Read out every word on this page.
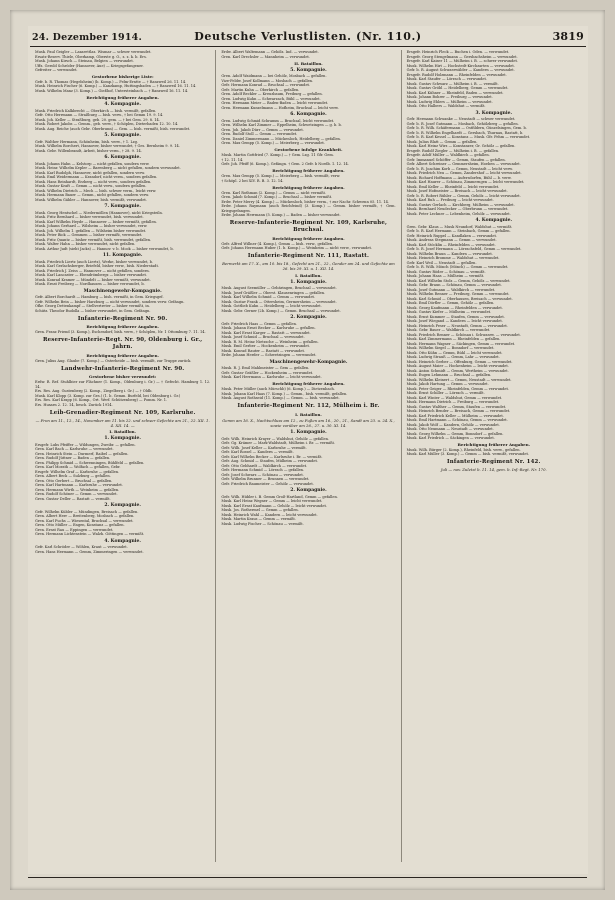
24. Dezember 1914.	Deutsche Verlustlisten. (Nr. 110.)	3819

Musk. Paul Geigler — Lazarettlaz. Wismar — schwer verwundet.

Ersatz-Reserv. Thiele, Oberkamp, Oberste g. O., z. z. k. b. Ers.

Musk. Johann Kirsch — Steinau, Belgien — verwundet.

Uffz. Gerold Schröder (Hannover, Aue) — Kriegsgefangener.

Gefreiter — verwundet.

Gestorbene bisherige Liste:

Gefr. b. R. Thomas (Hegelsheim) (b. Komp.) — Felm-Erntte — † Ranzweil 26. 11. 14.

Musk. Heinrich Fischer (6. Komp.) — Kanzkamp, Huttingsbaden — † Ranzweil 16. 11. 14.

Musk. Wilhelm Manz (3. Komp.) — Gießhof, Untersteinbach — † Ranzweil 16. 11. 14.

Berichtigung früherer Angaben.

4. Kompagnie.

Musk. Friedrich Kalkbrecht — Oberkirch — bish. vermißt, gefallen.

Gefr. Otto Herrmann — Straßburg — bish. verw., † bei Gemm 19. 9. 14.

Musk. Joh. Keller — Straßburg, geb. 20. gem. — † bei Gem. 29. 8. 14.

Musk. Robert Jakobs — Gemm., geb. verw., † Schöplen, Dieterbaden 12. 10. 14.

Musk. Aug. Reiche (auch Gebr. Oberbrunn) — Gem. — bish. vermißt, bish. verwundet.

5. Kompagnie.

Gefr. Walther Hermann, Schönheim, bish. verw., † 1. Lzg.

Musk. Wilhelm Borchert, Hannover, bisher verwundet, † Ges. Bernheim 9. 9. 14.

Musk. Gebr. Willenbrandt, Arbeit, bisher verm., † 28. 9. 14.

6. Kompagnie.

Musk. Johann Hahn — Kelstorp — nicht gefallen, sondern verw.

Musk. Heinr. Wilhelm Kepler — Barenberg — nicht gefallen, sondern verwundet.

Musk. Karl Rudolph, Hannover, nicht gefallen, sondern verw.

Musk. Emil Weidermann — Krandorf, nicht verm., sondern gefallen.

Musk. Hans Reinhardt, Erzberg — nicht verw., sondern gefallen.

Musk. Gustav Kraft — Gemm — nicht verw., sondern gefallen.

Musk. Wilhelm Dietrich — Mech — bish. schwer verm., leicht verw.

Musk. Hermann Bauer — Gemm., nicht gefallen, sondern verw.

Musk. Wilhelm Gähler — Hannover, bish. vermißt, verwundet.

7. Kompagnie.

Musk. Georg Hentschel — Niedermöllen (Hannover), nicht Kriegsteiln.

Musk. Fritz Bernhard — bisher verwundet, bish. verwundet.

Musk. Karl Wilhelm Heyde — Hannover — bisher vermißt, gefallen.

Musk. Johann Gerhard — Wilsheim — bisher verwundet, verw.

Musk. Joh. Wilhelm 1. gefallen — Wilsheim bisher verwundet.

Musk. Peter Bick — Gemmen — bisher vermißt, verwundet.

Musk. Fritz Quantz — bisher vermißt, bish. verwundet, gefallen.

Musk. Walter Hahn — bisher verwundet, nicht gefallen.

Musk. Arthur Judt (sieht Jacks) — Hannov. v. b. Mock — bisher verwundet, b.

11. Kompagnie.

Musk. Friedrich Liertz (auch Liertz), Werke, bisher verwundet, b.

Musk. Karl Gerlachsberger, Briefeld, bisher verw., bish. Niederstadt.

Musk. Friedrich J. Zeiss — Hannover — nicht gefallen, sondern.

Musk. Karl Lancaster — Ebendrömbergz — bisher verwundet.

Musk. Konrad Kramer — Mündelt — bisher vermißt, verwundet.

Musk. Ernst Freiberg — Nordhausen — bisher verwundet, b.

Maschinengewehr-Kompagnie.

Gefr. Albert Borchardt — Hamburg — bish. vermißt, in Gem. Kriegsgef.

Gefr. Wilhelm Bein — bisher Harzburg — nicht verwundet, sondern verw. Gefängn.

Ofkr. Georg Dettenkampf — Stellvertreter — bisher vermißt, in.

Schütz. Theodor Rudolla — bisher verwundet, in Gem. Gefängn.

Infanterie-Regiment Nr. 90.

Berichtigung früherer Angaben.

Gren. Franz Friend (3. Komp.), Eschendorf, bish. verw., † Schöplen, Nr. 1 Ottomburg 7. 11. 14.

Reserve-Infanterie-Regt. Nr. 90, Oldenburg i. Gr., Jahrn.

Berichtigung früherer Angaben.

Gren. Julius Aug. Glaube (7. Komp.) — Osterheide — bish. vermißt, zur Truppe zurück.

Landwehr-Infanterie-Regiment Nr. 90.

Gestorbene bisher verwundet:

Erdw. R. Ref. Stuhlbier zur Flächner (1. Komp., Oldenburg i. Gr.) — † Gefecht. Hamburg 1. 12. 14.

Ers. Res. Aug. Gustenberg (2. Komp., Ziegelberg i. Gr.) — † Oldb.

Musk. Karl Klopp (3. Komp. zur Ges.) (1. b. Gemm. Burfeld, bei Oldenburg i. Gr.)

Ers. Res. Karl Krapp (6. Komp., Ort. Werf. Schützenberg) — Pomm. Nr. 1.

Ers. Husarn 2. 12. 14, besch. Zurück 1914.

Leib-Grenadier-Regiment Nr. 109, Karlsruhe.

— Fron am 11., 12., 14., November am 11. bis 22. und schwer Gefechte am 21., 22. XII. 1. 4. XII. 14. —

I. Bataillon.

1. Kompagnie.

Ersgefr. Lubs Pfeiffer — Wildungen, Zweibr. — gefallen.

Gren. Karl Bach — Karlsruhe — verwundet.

Gren. Heinrich Stein — Durmerf, Raibel — gefallen.

Gren. Rudolf Jüttner — Baden — gefallen.

Gren. Philipp Schmid — Schwenningen, Bühlfeld — gefallen.

Gren. Karl Morath — Wolfach — gefallen, Gebr.

Ersgefr. Wilhelm Graf — Karlsruhe — gefallen.

Gren. Albert Beck — Sulzburg — gefallen.

Gren. Otto Gerbert — Bruchsal — gefallen.

Gren. Karl Hartmann — Karlsruhe — verwundet.

Gren. Hermann Wirth — Weinheim — gefallen.

Gren. Rudolf Schöner — Gemm — verwundet.

Gren. Gustav Deller — Rastatt — vermißt.

2. Kompagnie.

Gefr. Wilhelm Kübler — Mündingen, Breisach — gefallen.

Gren. Albert Herr — Breitenberg, Mosbach — gefallen.

Gren. Karl Fuchs — Wiesental, Bruchsal — verwundet.

Gren. Otto Müller — Engen, Konstanz — gefallen.

Gren. Ernst Rau — Eppingen — verwundet.

Gren. Hermann Lichtenstein — Walzh. Göttingen — vermißt.

4. Kompagnie.

Gefr. Karl Schröder — Wöhlen, Kraut — verwundet.

Gren. Hans Hermann — Gemm, Zimmeringen — verwundet.

Erdw. Albert Waltemann — Gehölz. Ind. — verwundet.

Gren. Karl Drechsler — Mannheim — verwundet.

II. Bataillon.

5. Kompagnie.

Gren. Adolf Waidmann — bei Gehölz, Mosbach — gefallen.

Vize-Feldw. Josef Kollmann — Mosbach — gefallen.

Gefr. Hermann Konrad — Bruchsal — verwundet.

Gefr. Martin Kuhn — Oberkirch — gefallen.

Gren. Adolf Beckler — Kreuzbaum, Freiburg — gefallen.

Gren. Ludwig Kuhn — Schwarzach, Bühl — verwundet.

Gren. Hermann Meier — Baden-Baden — leicht verwundet.

Gren. Hermann Kunzelmann — Hofheim, Bruchsal — leicht verw.

6. Kompagnie.

Gren. Ludwig Schmid Schramm — Bruchsal, leicht verwundet.

Gren. Wilhelm Karl Zimmer — Eppelheim, Schwetzingen — g. b. b.

Gren. Joh. Jakob Dürr — Gemm — verwundet.

Gren. Rudolf Stoll — Gemm — verwundet.

Gren. Daniel Zimmermann — Mückenloch, Heidelberg — gefallen.

Gren. Max Gempp (5. Komp.) — Meierberg — verwundet.

Gestorbene infolge Krankheit.

Musk. Martin Gottfried (7. Komp.) — † Gem. Lzg. 11 Gfr. Gem.

† 12. 11. 14.

Gefr. Joh. Pfeiff (6. Komp.), Gefängn. † Gem. 2 Gefr. b Nordb. 1. 12. 14.

Berichtigung früherer Angaben.

Gren. Max Gempp (5. Komp.) — Meierberg — bish. vermißt, verw.

† Schöpl. 2 bei XIV. R. B. 3. 12. 14.

Berichtigung früherer Angaben.

Gren. Karl Rothman (2. Komp.) — Gemm — nicht vermißt.

Gren. Jakob Schmid (7. Komp.) — Bruchsal — bisher vermißt.

Erdw. Peter Merry (4. Komp.) — Mückenloch, bisher verm., † zur Nachr. Schwenn 05. 11. 14.

Erdw. Johann Raymann (auch Reichfeind) (3. Komp.) — Gemm. bisher vermißt, † Gem. Kriegsgefangen.

Erdw. Johann Herrmann (5. Komp.) — Baden — bisher verwundet.

Reserve-Infanterie-Regiment Nr. 109, Karlsruhe, Bruchsal.

Berichtigung früherer Angaben.

Gefr. Alfred Willner (4. Komp.), Gemm — bish. verw., gefallen.

Gefr. Johann Herrmann Huber (1. b. Komp.) — Weinheim — nicht verw., verwundet.

Infanterie-Regiment Nr. 111, Rastatt.

Bermerkt am 17. X., am 10. bis 18., Gefecht am 21., 22., Gender am 24. und Gefechte am 26. bis 29. XI. u. 1. XII. 14.

I. Bataillon.

1. Kompagnie.

Musk. August Seemüller — Gebäringen, Bruchsal — verwundet.

Musk. Josef Gräßler — Oberst. Klausenringen — gefallen.

Musk. Karl Wilhelm Schmid — Gemm — verwundet.

Musk. Gustav Frank — Ottersheim, Germersheim — verwundet.

Musk. Gottlieb Kuhn — Heidelberg — leicht verwundet.

Musk. Gebr. Gerner (2b. Komp.) — Gemm. Bruchsal — verwundet.

2. Kompagnie.

Gefr. Friedrich Haas — Gemm — gefallen.

Musk. Johann Ernst Becker — Karlsruhe — gefallen.

Musk. Karl Ernst Karger — Rastatt — verwundet.

Musk. Josef Schmid — Bruchsal — verwundet.

Musk. R. M. Heinz Nietzsche — Weinheim — gefallen.

Musk. Emil Gerber — Hockenheim — verwundet.

Musk. Konrad Rauter — Rastatt — verwundet.

Erdw. Johann Herder — Schwetzingen — verwundet.

Maschinengewehr-Kompagnie.

Musk. R. J. Emil Mahlmeister — Gem — gefallen.

Gefr. Gustav Gräßler — Hockenheim — verwundet.

Musk. Karl Herrmann — Karlsruhe — leicht verwundet.

Berichtigung früherer Angaben.

Musk. Peter Müller (auch Mürschb) (6. Komp.) — Dietzenbach.

Musk. Johann Karl Haas (7. Komp.) — Gemm., bish. vermißt, gefallen.

Musk. August Rothseid (11. Komp.) — Gemm. — bish. verwundet.

Infanterie-Regiment Nr. 112, Mülheim i. Br.

I. Bataillon.

Gemm am 16. X., Nachtschluss am 12., zu Fußen am 16., 20., 21., Sandt am 23. u. 24. X., sowie vorüber am 26., 27. u. 30. XI. 14.

1. Kompagnie.

Gefr. Wilh. Heinrich Krayer — Waldshut, Gehölz — gefallen.

Gefr. Gg. Krämer — Mark-Waldstadt, Mülheim i. Br. — vermißt.

Gefr. Wilh. Josef Keller — Karlsruhe — vermißt.

Gefr. Karl Rossel — Kandern — vermißt.

Gefr. Karl Wilhelm Becker — Karlsruhe i. Br. — vermißt.

Gefr. Aug. Schmid — Staufen, Mülheim — verwundet.

Gefr. Otto Gebhardt — Waldkirch — verwundet.

Gefr. Hermann Schmid — Lörrach — gefallen.

Gefr. Josef Schwarz — Schönau — verwundet.

Gefr. Wilhelm Brunner — Brunnen — verwundet.

Gefr. Friedrich Baumeister — Gehölz — verwundet.

2. Kompagnie.

Gefr. Wilh. Hübler i. B. Gemm Groß-Hartland, Gemm — gefallen.

Musk. Karl Heinz Wegner — Gemm — leicht verwundet.

Musk. Karl Ernst Kaufmann — Gehölz — leicht verwundet.

Musk. Jos. Rothermel — Gemm — gefallen.

Musk. Heinrich Wahl — Kandern — leicht verwundet.

Musk. Martin Kraus — Gemm — vermißt.

Musk. Ludwig Fischer — Schönau — vermißt.

Ersgefr. Heinrich Fleck — Buchen i. Oden. — verwundet.

Ersgefr. Georg Stengelmann — Gersbachsheim — verwundet.

Ersgefr. Karl Kaiser 11 — Mülheim i. B. — schwer verwundet.

Musk. Wilhelm Hirt — Hochstedt-Kirchzarten — verwundet.

Gefr. b. R. August Schwarzwälder — Kandern — verwundet.

Ersgefr. Rudolf Holzmann — Rheinfelden — verwundet.

Musk. Karl Staufer — Lörrach — verwundet.

Musk. Gustav Schwarz — Mülheim i. B. — vermißt.

Musk. Gustav Gröbl — Heidelberg, Gemm — verwundet.

Musk. Karl Kühner — Rheinfeld, Baden — verwundet.

Musk. Johann Bohrer — Freiburg — verwundet.

Musk. Ludwig Ehlers — Mülheim — verwundet.

Musk. Otto Halbers — Waldshut — vermißt.

3. Kompagnie.

Gefr. Hermann Schwanke — Neustadt — schwer verwundet.

Gefr. b. R. Josef Gutmann — Mosbach, Gehölzberg — gefallen.

Gefr. b. R. Wilh. Schäfermann — Ostfildern, Günzelsingen, Gem. b.

Gefr. b. R. Wilhelm Engelhardt — Gersbach, Thurnau, Rastatt, b.

Gefr. b. R. Karl Kessel — Konstanz — Musk. Gfr. Fehm — verwundet.

Musk. Julius Blatt — Gemm — gefallen.

Musk. Karl Heinz Wirz — Konstanzer, Gr. Gehölz — gefallen.

Ersgefr. Rudolf Ziegler — Mülheim i. B. — gefallen.

Ersgefr. Adolf Müller — Waldkirch — gefallen.

Gefr. Immanuel Schöffer — Gemm, Staufen — gefallen.

Gefr. Albert Schreiner — Gemmersheim, Hoeben — verwundet.

Gefr. b. R. Joachim Korb — Gemm, Neustadt — leicht verw.

Musk. Friedrich Neu — Gemm, Zandershof — leicht verwundet.

Musk. Richard Hoffmann — Aufersdorfen, Bühl — b. verw.

Musk. Karl Haurer — Schönau, Zimmerngen — leicht verwundet.

Musk. Emil Keller — Rheinfeld — leicht verwundet.

Musk. Josef Hofmeister — Breisach — leicht verwundet.

Gefr. b. R. Robert Rühler — Gemm, Gehölz — leicht verwundet.

Musk. Karl Ruh — Freiburg — leicht verwundet.

Musk. Gustav Gerlach — Kirchberg, Mülheim — verwundet.

Musk. Bernhard Neudecker — Oberbrunn — verwundet.

Musk. Peter Lechner — Lebenheim, Gehölz — verwundet.

4. Kompagnie.

Gren. Gebr. Klaus — Musk Neundorf, Waldshut — vermißt.

Gefr. b. R. Karl Hermann — Steinbach, Gemm — gefallen.

Gefr. Heinrich Ruppel — Kandlaken — verwundet.

Musk. Andreas Stegmann — Gemm — verwundet.

Musk. Karl Stöcklin — Rheinfelden — verwundet.

Gefr. b. R. Josef Hermann — Lörrachsfeld, Gemm — verwundet.

Musk. Wilhelm Braun — Kandern — verwundet.

Musk. Heinrich Bromme — Waldshut — verwundet.

Gefr. Karl Weil — Neustadt — gefallen.

Gefr. b. R. Wilh. Mönch (Mönch) — Gemm — verwundet.

Musk. Gustav Röder — Schönau — vermißt.

Musk. Johann Haas — Mülheim — vermißt.

Musk. Karl Wilhelm Stolz — Gemm, Gehölz — verwundet.

Musk. Gebr. Braun — Schönau, Gemm — verwundet.

Musk. Josef Gutmann — Waldkirch — verwundet.

Musk. Wilhelm Renner — Freiburg, Gemm — verwundet.

Musk. Karl Schmid — Oberhausen, Breisach — verwundet.

Musk. Emil Dörfler — Gemm, Gehölz — gefallen.

Musk. Georg Kaufmann — Rheinfelden — verwundet.

Musk. Gustav Kiefer — Mülheim — verwundet.

Musk. Ernst Kummer — Staufen, Gemm — verwundet.

Musk. Josef Wiegand — Kandern — leicht verwundet.

Musk. Heinrich Feser — Neustadt, Gemm — verwundet.

Musk. Gebr. Bauer — Waldkirch — verwundet.

Musk. Friedrich Renner — Schönau i. Schwarzw. — verwundet.

Musk. Karl Zimmermann — Rheinfelden — gefallen.

Musk. Hermann Wagner — Säckingen, Gemm — verwundet.

Musk. Wilhelm Siegel — Bonndorf — verwundet.

Musk. Otto Kühn — Gemm, Bühl — leicht verwundet.

Musk. Ludwig Strauß — Gemm, Lahr — verwundet.

Musk. Heinrich Gerber — Offenburg, Gemm — verwundet.

Musk. August Maier — Hockenheim — leicht verwundet.

Musk. Anton Schmidt — Gemm, Wertheim — verwundet.

Musk. Eugen Lehmann — Bruchsal — gefallen.

Musk. Wilhelm Kleinert — Gemm, Neustadt — verwundet.

Musk. Jakob Hartung — Gemm — verwundet.

Musk. Peter Geiger — Rheinfelden, Gemm — verwundet.

Musk. Ernst Schiller — Lörrach — vermißt.

Musk. Karl Winter — Waldshut, Gemm — verwundet.

Musk. Hermann Dietrich — Freiburg — verwundet.

Musk. Gustav Walther — Gemm, Staufen — verwundet.

Musk. Heinrich Bender — Breisach, Gemm — verwundet.

Musk. Karl Friedrich Keller — Mülheim — verwundet.

Musk. Emil Hartmann — Schönau, Gemm — verwundet.

Musk. Jakob Wolf — Kandern, Gehölz — verwundet.

Musk. Otto Neumann — Neustadt — verwundet.

Musk. Georg Wilhelm — Gemm, Bonndorf — gefallen.

Musk. Karl Friedrich — Säckingen — verwundet.

Berichtigung früherer Angaben.

Musk. Wilh. Bürger (2. Komp.), Rheinfeld, bish. verw., gefallen.

Musk. Karl Müller (3. Komp.) — Gemm — bish. vermißt, verwundet.

Infanterie-Regiment Nr. 142.

Juli — nov. Zuletzt b. 11. 14, gem. b. Inf.-Regt. Nr. 170.
